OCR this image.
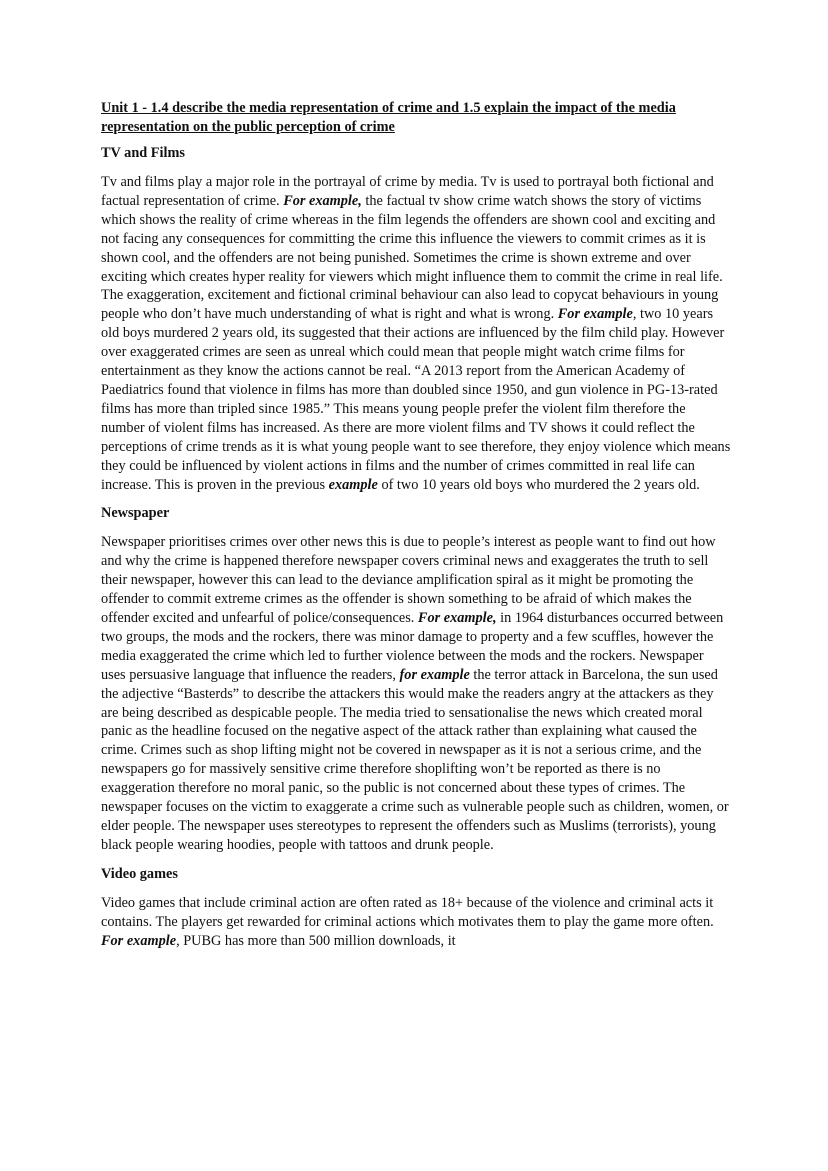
Unit 1 - 1.4 describe the media representation of crime and 1.5 explain the impact of the media representation on the public perception of crime

TV and Films

Tv and films play a major role in the portrayal of crime by media. Tv is used to portrayal both fictional and factual representation of crime. For example, the factual tv show crime watch shows the story of victims which shows the reality of crime whereas in the film legends the offenders are shown cool and exciting and not facing any consequences for committing the crime this influence the viewers to commit crimes as it is shown cool, and the offenders are not being punished. Sometimes the crime is shown extreme and over exciting which creates hyper reality for viewers which might influence them to commit the crime in real life. The exaggeration, excitement and fictional criminal behaviour can also lead to copycat behaviours in young people who don’t have much understanding of what is right and what is wrong. For example, two 10 years old boys murdered 2 years old, its suggested that their actions are influenced by the film child play. However over exaggerated crimes are seen as unreal which could mean that people might watch crime films for entertainment as they know the actions cannot be real. “A 2013 report from the American Academy of Paediatrics found that violence in films has more than doubled since 1950, and gun violence in PG-13-rated films has more than tripled since 1985.” This means young people prefer the violent film therefore the number of violent films has increased. As there are more violent films and TV shows it could reflect the perceptions of crime trends as it is what young people want to see therefore, they enjoy violence which means they could be influenced by violent actions in films and the number of crimes committed in real life can increase. This is proven in the previous example of two 10 years old boys who murdered the 2 years old.

Newspaper

Newspaper prioritises crimes over other news this is due to people’s interest as people want to find out how and why the crime is happened therefore newspaper covers criminal news and exaggerates the truth to sell their newspaper, however this can lead to the deviance amplification spiral as it might be promoting the offender to commit extreme crimes as the offender is shown something to be afraid of which makes the offender excited and unfearful of police/consequences. For example, in 1964 disturbances occurred between two groups, the mods and the rockers, there was minor damage to property and a few scuffles, however the media exaggerated the crime which led to further violence between the mods and the rockers. Newspaper uses persuasive language that influence the readers, for example the terror attack in Barcelona, the sun used the adjective “Basterds” to describe the attackers this would make the readers angry at the attackers as they are being described as despicable people. The media tried to sensationalise the news which created moral panic as the headline focused on the negative aspect of the attack rather than explaining what caused the crime. Crimes such as shop lifting might not be covered in newspaper as it is not a serious crime, and the newspapers go for massively sensitive crime therefore shoplifting won’t be reported as there is no exaggeration therefore no moral panic, so the public is not concerned about these types of crimes. The newspaper focuses on the victim to exaggerate a crime such as vulnerable people such as children, women, or elder people. The newspaper uses stereotypes to represent the offenders such as Muslims (terrorists), young black people wearing hoodies, people with tattoos and drunk people.

Video games

Video games that include criminal action are often rated as 18+ because of the violence and criminal acts it contains. The players get rewarded for criminal actions which motivates them to play the game more often. For example, PUBG has more than 500 million downloads, it
